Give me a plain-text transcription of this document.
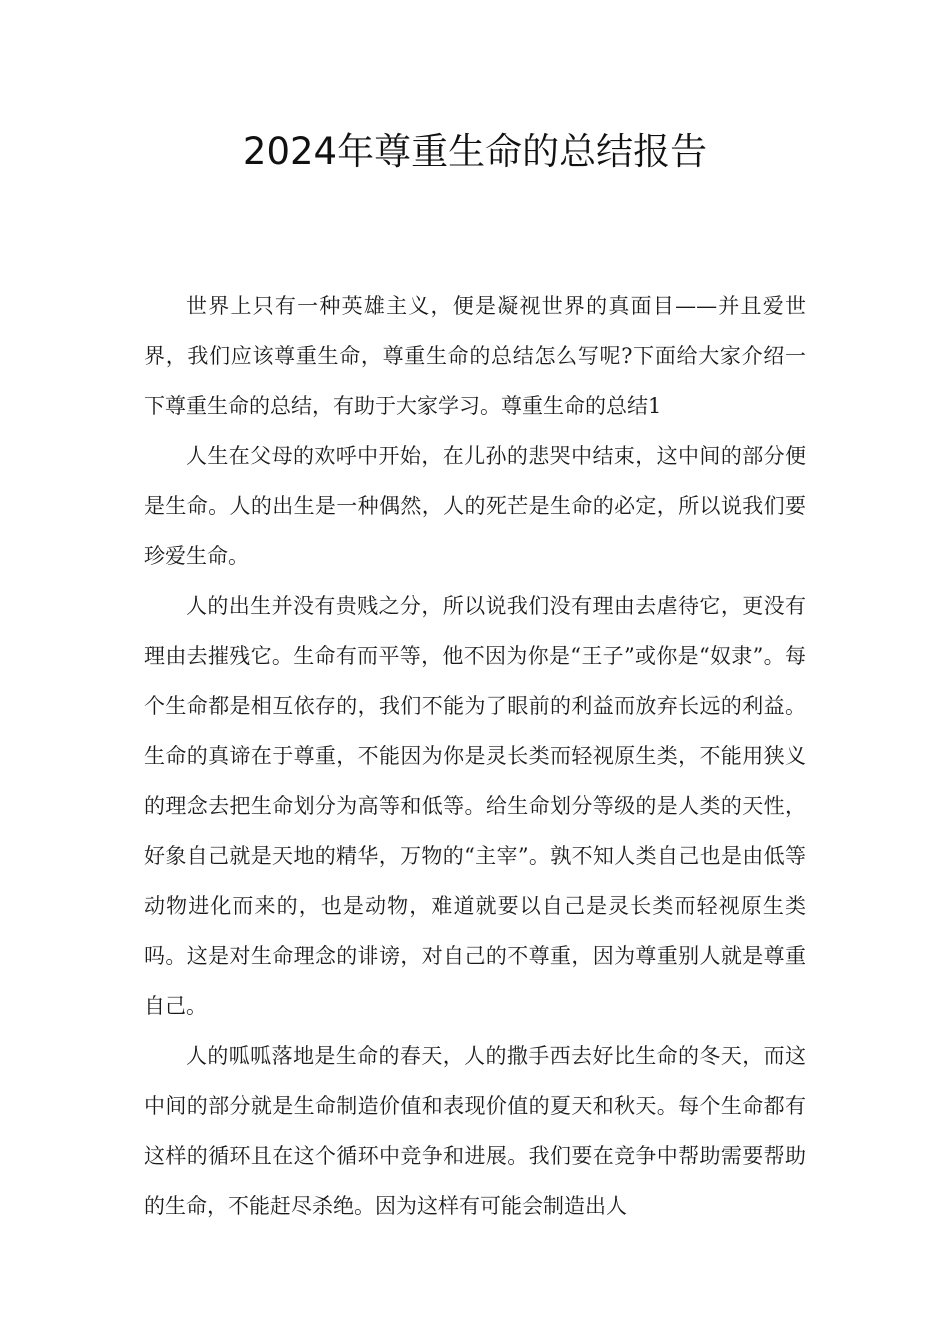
2024年尊重生命的总结报告

世界上只有一种英雄主义，便是凝视世界的真面目——并且爱世界，我们应该尊重生命，尊重生命的总结怎么写呢?下面给大家介绍一下尊重生命的总结，有助于大家学习。尊重生命的总结1

人生在父母的欢呼中开始，在儿孙的悲哭中结束，这中间的部分便是生命。人的出生是一种偶然，人的死芒是生命的必定，所以说我们要珍爱生命。

人的出生并没有贵贱之分，所以说我们没有理由去虐待它，更没有理由去摧残它。生命有而平等，他不因为你是“王子”或你是“奴隶”。每个生命都是相互依存的，我们不能为了眼前的利益而放弃长远的利益。生命的真谛在于尊重，不能因为你是灵长类而轻视原生类，不能用狭义的理念去把生命划分为高等和低等。给生命划分等级的是人类的天性，好象自己就是天地的精华，万物的“主宰”。孰不知人类自己也是由低等动物进化而来的，也是动物，难道就要以自己是灵长类而轻视原生类吗。这是对生命理念的诽谤，对自己的不尊重，因为尊重别人就是尊重自己。

人的呱呱落地是生命的春天，人的撒手西去好比生命的冬天，而这中间的部分就是生命制造价值和表现价值的夏天和秋天。每个生命都有这样的循环且在这个循环中竞争和进展。我们要在竞争中帮助需要帮助的生命，不能赶尽杀绝。因为这样有可能会制造出人
